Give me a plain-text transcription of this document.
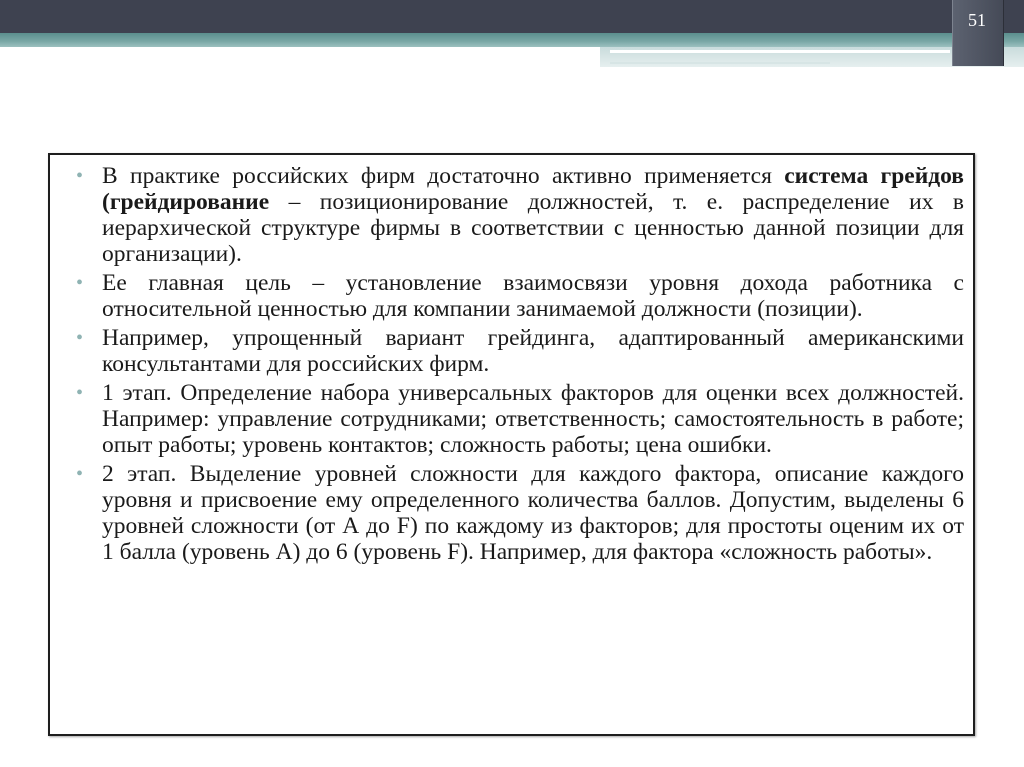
51
• В практике российских фирм достаточно активно применяется система грейдов (грейдирование – позиционирование должностей, т. е. распределение их в иерархической структуре фирмы в соответствии с ценностью данной позиции для организации).
• Ее главная цель – установление взаимосвязи уровня дохода работника с относительной ценностью для компании занимаемой должности (позиции).
• Например, упрощенный вариант грейдинга, адаптированный американскими консультантами для российских фирм.
• 1 этап. Определение набора универсальных факторов для оценки всех должностей. Например: управление сотрудниками; ответственность; самостоятельность в работе; опыт работы; уровень контактов; сложность работы; цена ошибки.
• 2 этап. Выделение уровней сложности для каждого фактора, описание каждого уровня и присвоение ему определенного количества баллов. Допустим, выделены 6 уровней сложности (от А до F) по каждому из факторов; для простоты оценим их от 1 балла (уровень А) до 6 (уровень F). Например, для фактора «сложность работы».
